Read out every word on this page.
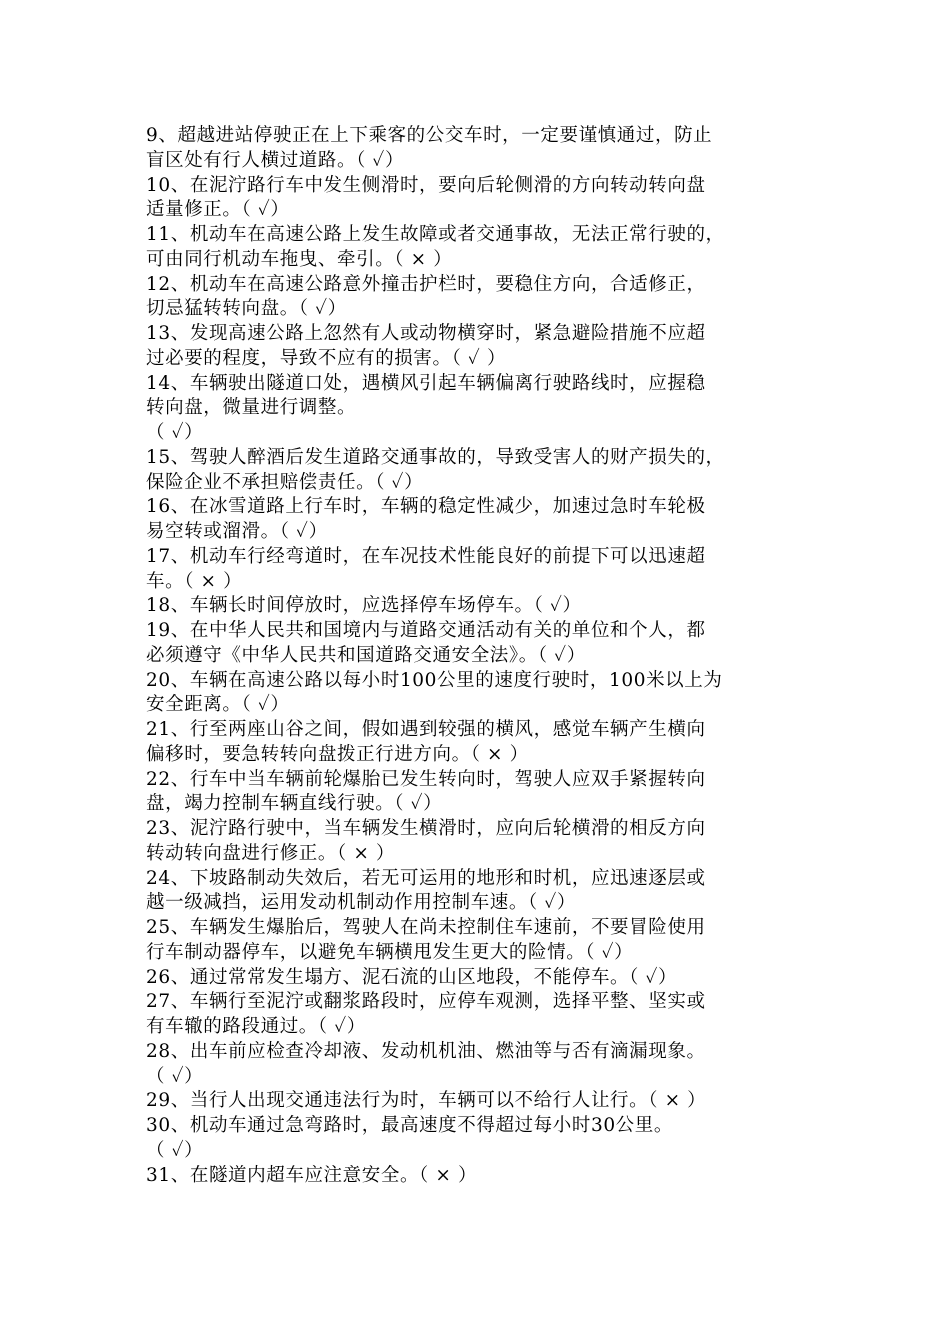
9、超越进站停驶正在上下乘客的公交车时，一定要谨慎通过，防止
盲区处有行人横过道路。（ ✓）
10、在泥泞路行车中发生侧滑时，要向后轮侧滑的方向转动转向盘
适量修正。（ ✓）
11、机动车在高速公路上发生故障或者交通事故，无法正常行驶的，
可由同行机动车拖曳、牵引。（ × ）
12、机动车在高速公路意外撞击护栏时，要稳住方向，合适修正，
切忌猛转转向盘。（ ✓）
13、发现高速公路上忽然有人或动物横穿时，紧急避险措施不应超
过必要的程度，导致不应有的损害。（ ✓ ）
14、车辆驶出隧道口处，遇横风引起车辆偏离行驶路线时，应握稳
转向盘，微量进行调整。
（ ✓）
15、驾驶人醉酒后发生道路交通事故的，导致受害人的财产损失的，
保险企业不承担赔偿责任。（ ✓）
16、在冰雪道路上行车时，车辆的稳定性减少，加速过急时车轮极
易空转或溜滑。（ ✓）
17、机动车行经弯道时，在车况技术性能良好的前提下可以迅速超
车。（ × ）
18、车辆长时间停放时，应选择停车场停车。（ ✓）
19、在中华人民共和国境内与道路交通活动有关的单位和个人，都
必须遵守《中华人民共和国道路交通安全法》。（ ✓）
20、车辆在高速公路以每小时100公里的速度行驶时，100米以上为
安全距离。（ ✓）
21、行至两座山谷之间，假如遇到较强的横风，感觉车辆产生横向
偏移时，要急转转向盘拨正行进方向。（ × ）
22、行车中当车辆前轮爆胎已发生转向时，驾驶人应双手紧握转向
盘，竭力控制车辆直线行驶。（ ✓）
23、泥泞路行驶中，当车辆发生横滑时，应向后轮横滑的相反方向
转动转向盘进行修正。（ × ）
24、下坡路制动失效后，若无可运用的地形和时机，应迅速逐层或
越一级减挡，运用发动机制动作用控制车速。（ ✓）
25、车辆发生爆胎后，驾驶人在尚未控制住车速前，不要冒险使用
行车制动器停车，以避免车辆横甩发生更大的险情。（ ✓）
26、通过常常发生塌方、泥石流的山区地段，不能停车。（ ✓）
27、车辆行至泥泞或翻浆路段时，应停车观测，选择平整、坚实或
有车辙的路段通过。（ ✓）
28、出车前应检查冷却液、发动机机油、燃油等与否有滴漏现象。
（ ✓）
29、当行人出现交通违法行为时，车辆可以不给行人让行。（ × ）
30、机动车通过急弯路时，最高速度不得超过每小时30公里。
（ ✓）
31、在隧道内超车应注意安全。（ × ）
